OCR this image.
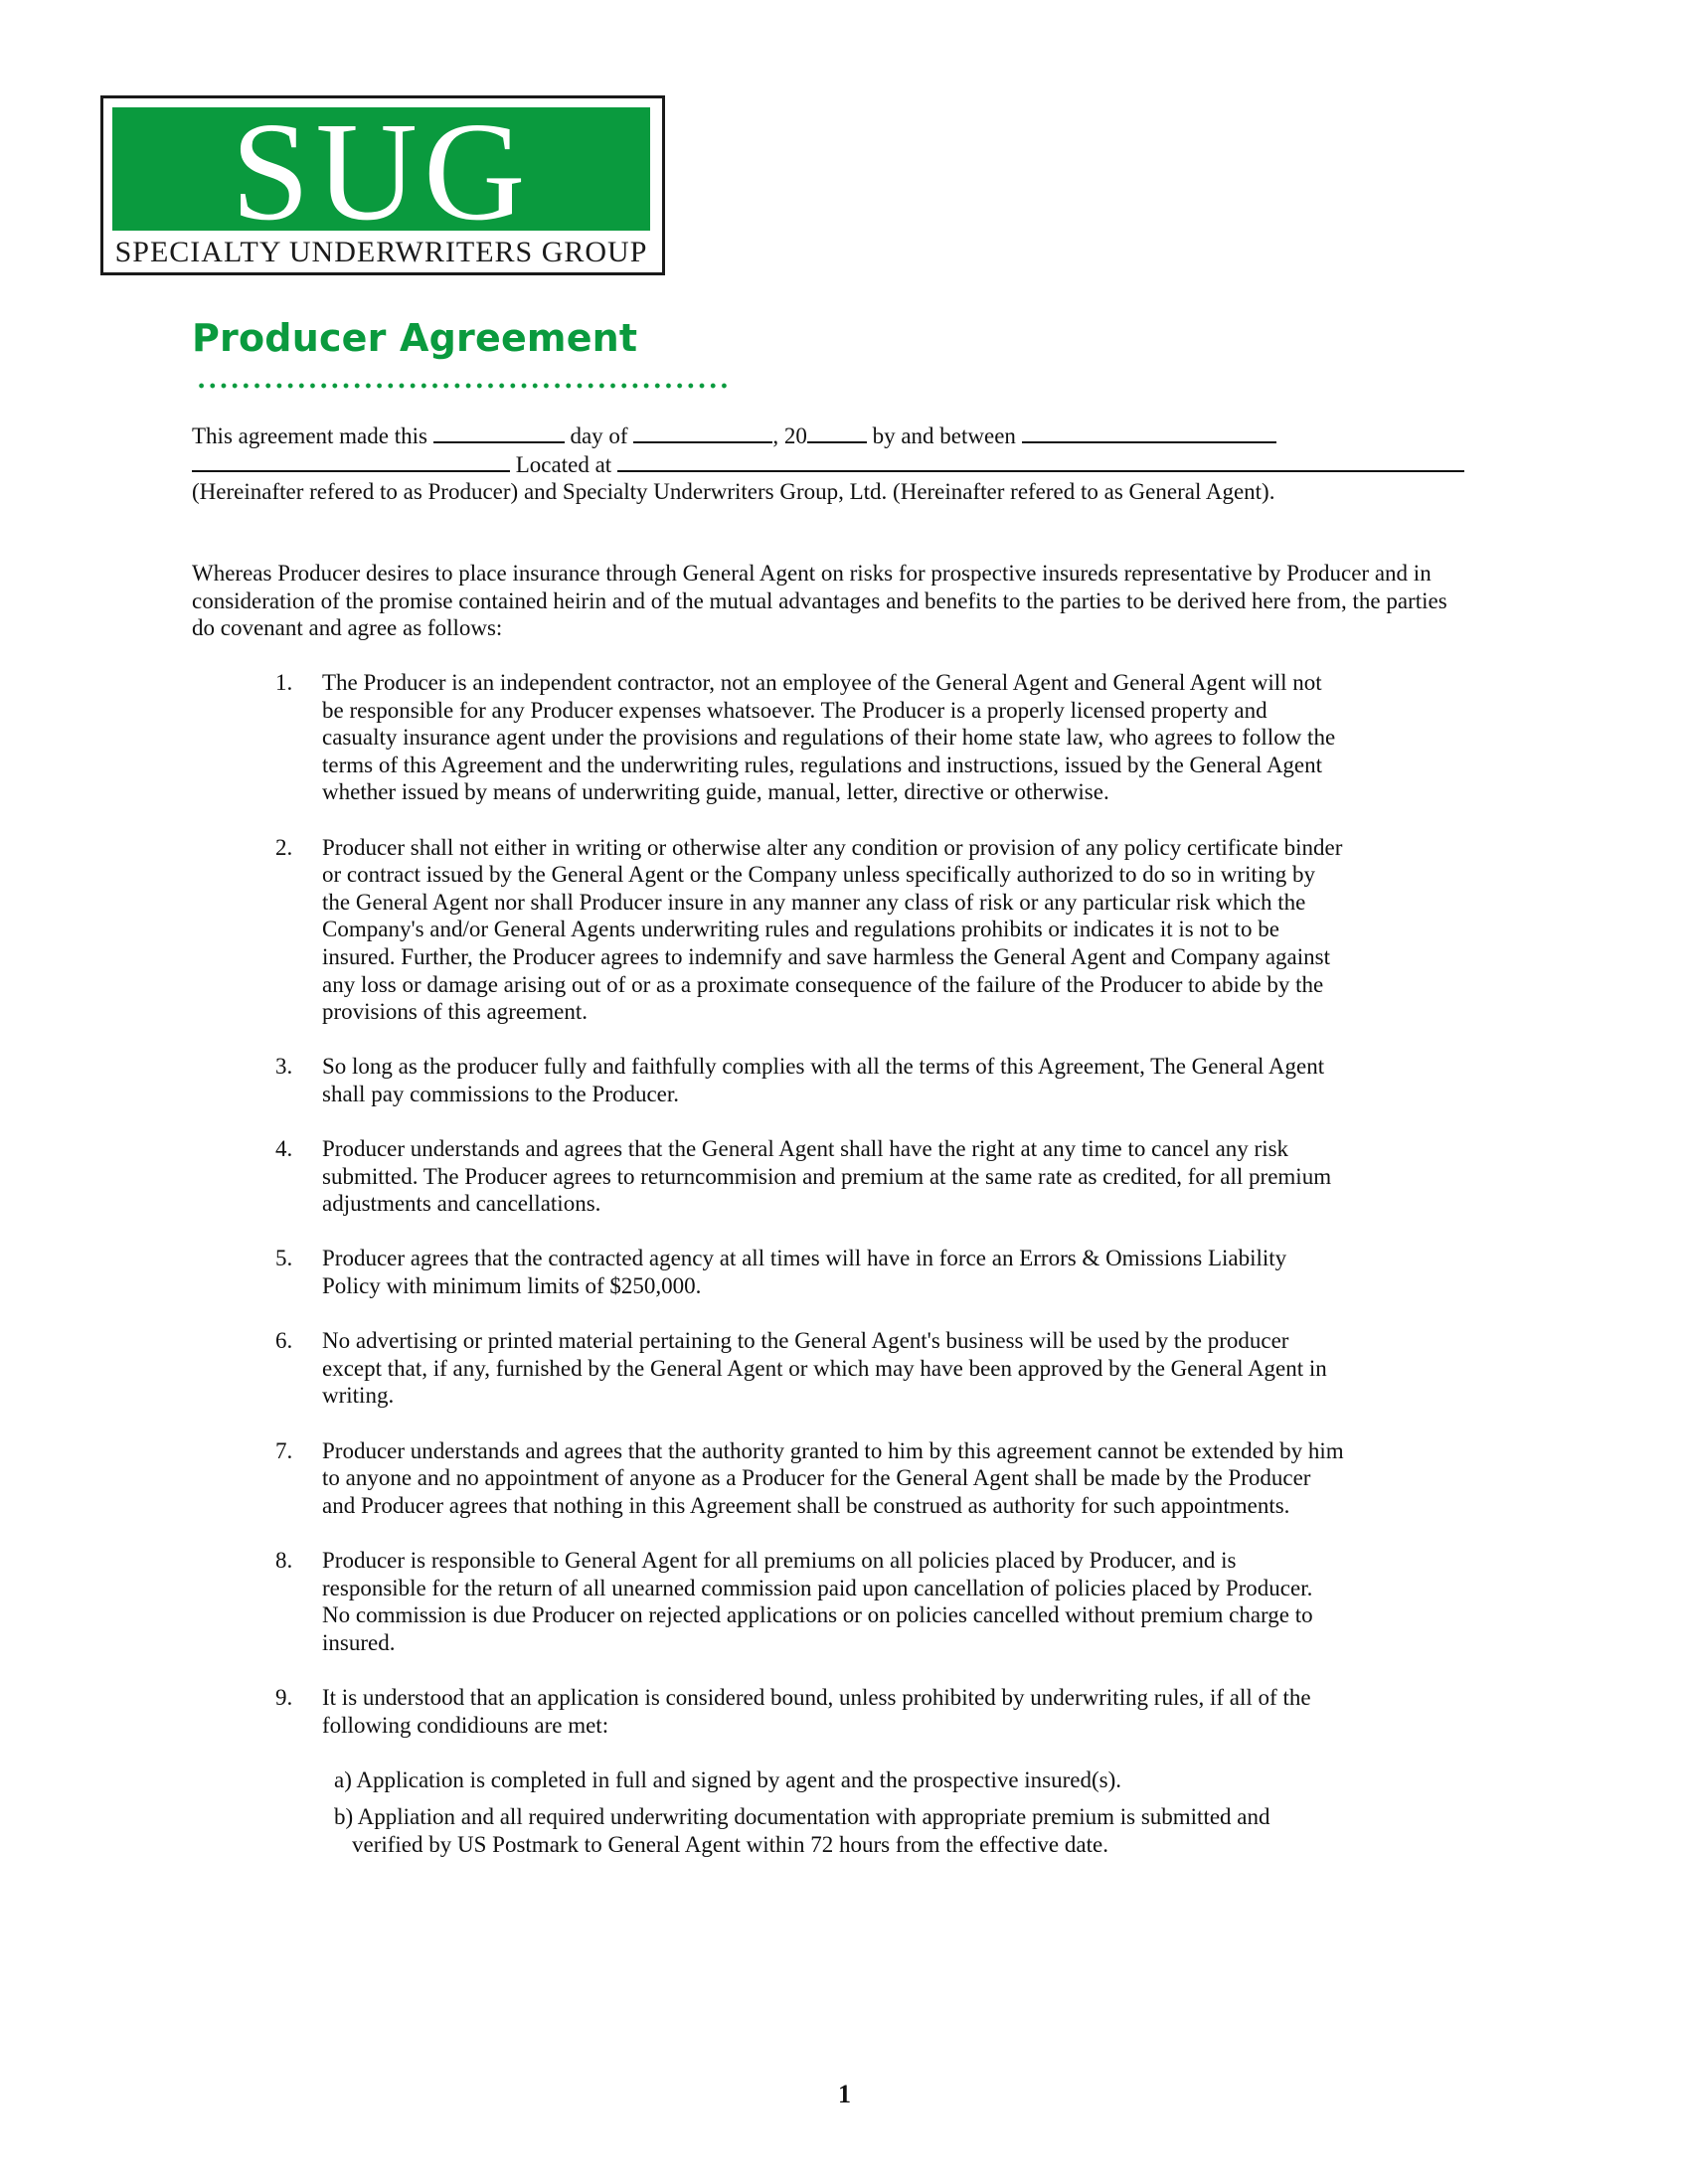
SUG
SPECIALTY UNDERWRITERS GROUP
Producer Agreement
This agreement made this	day of	, 20	by and between
Located at
(Hereinafter refered to as Producer) and Specialty Underwriters Group, Ltd. (Hereinafter refered to as General Agent).
Whereas Producer desires to place insurance through General Agent on risks for prospective insureds representative by Producer and in consideration of the promise contained heirin and of the mutual advantages and benefits to the parties to be derived here from, the parties do covenant and agree as follows:
1. The Producer is an independent contractor, not an employee of the General Agent and General Agent will not be responsible for any Producer expenses whatsoever. The Producer is a properly licensed property and casualty insurance agent under the provisions and regulations of their home state law, who agrees to follow the terms of this Agreement and the underwriting rules, regulations and instructions, issued by the General Agent whether issued by means of underwriting guide, manual, letter, directive or otherwise.
2. Producer shall not either in writing or otherwise alter any condition or provision of any policy certificate binder or contract issued by the General Agent or the Company unless specifically authorized to do so in writing by the General Agent nor shall Producer insure in any manner any class of risk or any particular risk which the Company's and/or General Agents underwriting rules and regulations prohibits or indicates it is not to be insured. Further, the Producer agrees to indemnify and save harmless the General Agent and Company against any loss or damage arising out of or as a proximate consequence of the failure of the Producer to abide by the provisions of this agreement.
3. So long as the producer fully and faithfully complies with all the terms of this Agreement, The General Agent shall pay commissions to the Producer.
4. Producer understands and agrees that the General Agent shall have the right at any time to cancel any risk submitted. The Producer agrees to returncommision and premium at the same rate as credited, for all premium adjustments and cancellations.
5. Producer agrees that the contracted agency at all times will have in force an Errors & Omissions Liability Policy with minimum limits of $250,000.
6. No advertising or printed material pertaining to the General Agent's business will be used by the producer except that, if any, furnished by the General Agent or which may have been approved by the General Agent in writing.
7. Producer understands and agrees that the authority granted to him by this agreement cannot be extended by him to anyone and no appointment of anyone as a Producer for the General Agent shall be made by the Producer and Producer agrees that nothing in this Agreement shall be construed as authority for such appointments.
8. Producer is responsible to General Agent for all premiums on all policies placed by Producer, and is responsible for the return of all unearned commission paid upon cancellation of policies placed by Producer. No commission is due Producer on rejected applications or on policies cancelled without premium charge to insured.
9. It is understood that an application is considered bound, unless prohibited by underwriting rules, if all of the following condidiouns are met:
a) Application is completed in full and signed by agent and the prospective insured(s).
b) Appliation and all required underwriting documentation with appropriate premium is submitted and verified by US Postmark to General Agent within 72 hours from the effective date.
1
